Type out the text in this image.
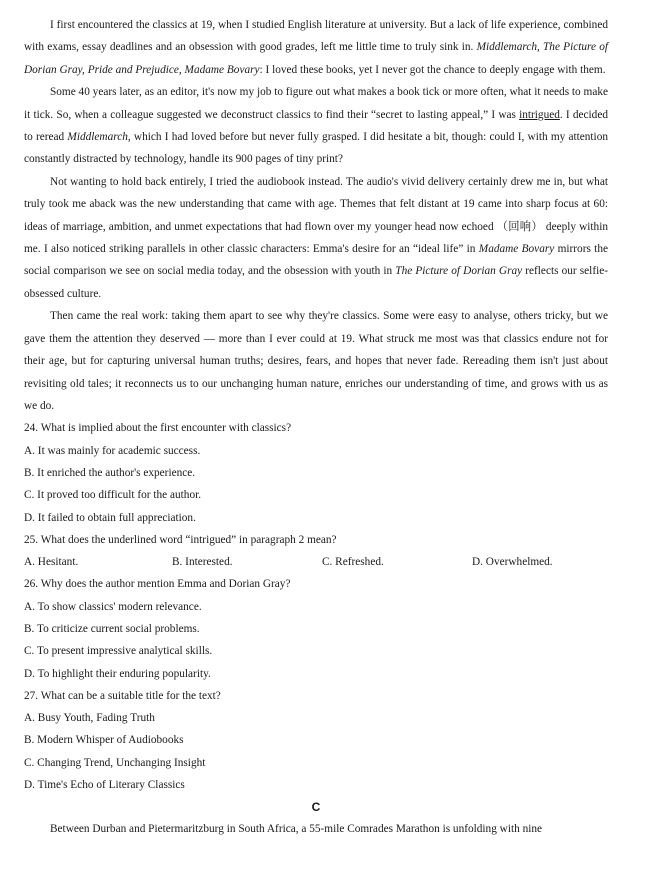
I first encountered the classics at 19, when I studied English literature at university. But a lack of life experience, combined with exams, essay deadlines and an obsession with good grades, left me little time to truly sink in. Middlemarch, The Picture of Dorian Gray, Pride and Prejudice, Madame Bovary: I loved these books, yet I never got the chance to deeply engage with them.

Some 40 years later, as an editor, it's now my job to figure out what makes a book tick or more often, what it needs to make it tick. So, when a colleague suggested we deconstruct classics to find their “secret to lasting appeal,” I was intrigued. I decided to reread Middlemarch, which I had loved before but never fully grasped. I did hesitate a bit, though: could I, with my attention constantly distracted by technology, handle its 900 pages of tiny print?

Not wanting to hold back entirely, I tried the audiobook instead. The audio's vivid delivery certainly drew me in, but what truly took me aback was the new understanding that came with age. Themes that felt distant at 19 came into sharp focus at 60: ideas of marriage, ambition, and unmet expectations that had flown over my younger head now echoed （回响） deeply within me. I also noticed striking parallels in other classic characters: Emma's desire for an “ideal life” in Madame Bovary mirrors the social comparison we see on social media today, and the obsession with youth in The Picture of Dorian Gray reflects our selfie-obsessed culture.

Then came the real work: taking them apart to see why they're classics. Some were easy to analyse, others tricky, but we gave them the attention they deserved — more than I ever could at 19. What struck me most was that classics endure not for their age, but for capturing universal human truths; desires, fears, and hopes that never fade. Rereading them isn't just about revisiting old tales; it reconnects us to our unchanging human nature, enriches our understanding of time, and grows with us as we do.

24. What is implied about the first encounter with classics?

A. It was mainly for academic success.

B. It enriched the author's experience.

C. It proved too difficult for the author.

D. It failed to obtain full appreciation.

25. What does the underlined word “intrigued” in paragraph 2 mean?

A. Hesitant.	B. Interested.	C. Refreshed.	D. Overwhelmed.

26. Why does the author mention Emma and Dorian Gray?

A. To show classics' modern relevance.

B. To criticize current social problems.

C. To present impressive analytical skills.

D. To highlight their enduring popularity.

27. What can be a suitable title for the text?

A. Busy Youth, Fading Truth

B. Modern Whisper of Audiobooks

C. Changing Trend, Unchanging Insight

D. Time's Echo of Literary Classics

C

Between Durban and Pietermaritzburg in South Africa, a 55-mile Comrades Marathon is unfolding with nine
